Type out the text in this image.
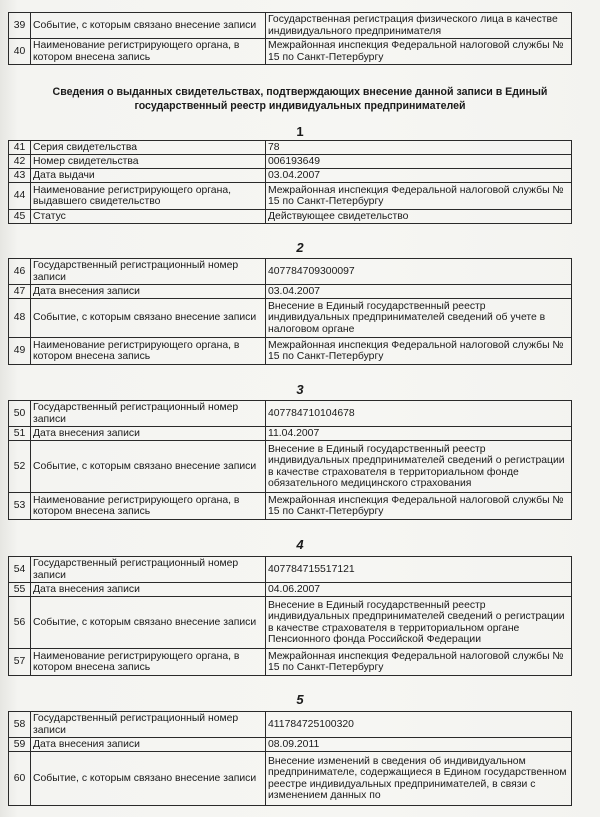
39	Событие, с которым связано внесение записи	Государственная регистрация физического лица в качестве индивидуального предпринимателя
40	Наименование регистрирующего органа, в котором внесена запись	Межрайонная инспекция Федеральной налоговой службы № 15 по Санкт-Петербургу
Сведения о выданных свидетельствах, подтверждающих внесение данной записи в Единый государственный реестр индивидуальных предпринимателей
1
41	Серия свидетельства	78
42	Номер свидетельства	006193649
43	Дата выдачи	03.04.2007
44	Наименование регистрирующего органа, выдавшего свидетельство	Межрайонная инспекция Федеральной налоговой службы № 15 по Санкт-Петербургу
45	Статус	Действующее свидетельство
2
46	Государственный регистрационный номер записи	407784709300097
47	Дата внесения записи	03.04.2007
48	Событие, с которым связано внесение записи	Внесение в Единый государственный реестр индивидуальных предпринимателей сведений об учете в налоговом органе
49	Наименование регистрирующего органа, в котором внесена запись	Межрайонная инспекция Федеральной налоговой службы № 15 по Санкт-Петербургу
3
50	Государственный регистрационный номер записи	407784710104678
51	Дата внесения записи	11.04.2007
52	Событие, с которым связано внесение записи	Внесение в Единый государственный реестр индивидуальных предпринимателей сведений о регистрации в качестве страхователя в территориальном фонде обязательного медицинского страхования
53	Наименование регистрирующего органа, в котором внесена запись	Межрайонная инспекция Федеральной налоговой службы № 15 по Санкт-Петербургу
4
54	Государственный регистрационный номер записи	407784715517121
55	Дата внесения записи	04.06.2007
56	Событие, с которым связано внесение записи	Внесение в Единый государственный реестр индивидуальных предпринимателей сведений о регистрации в качестве страхователя в территориальном органе Пенсионного фонда Российской Федерации
57	Наименование регистрирующего органа, в котором внесена запись	Межрайонная инспекция Федеральной налоговой службы № 15 по Санкт-Петербургу
5
58	Государственный регистрационный номер записи	411784725100320
59	Дата внесения записи	08.09.2011
60	Событие, с которым связано внесение записи	Внесение изменений в сведения об индивидуальном предпринимателе, содержащиеся в Едином государственном реестре индивидуальных предпринимателей, в связи с изменением данных по
